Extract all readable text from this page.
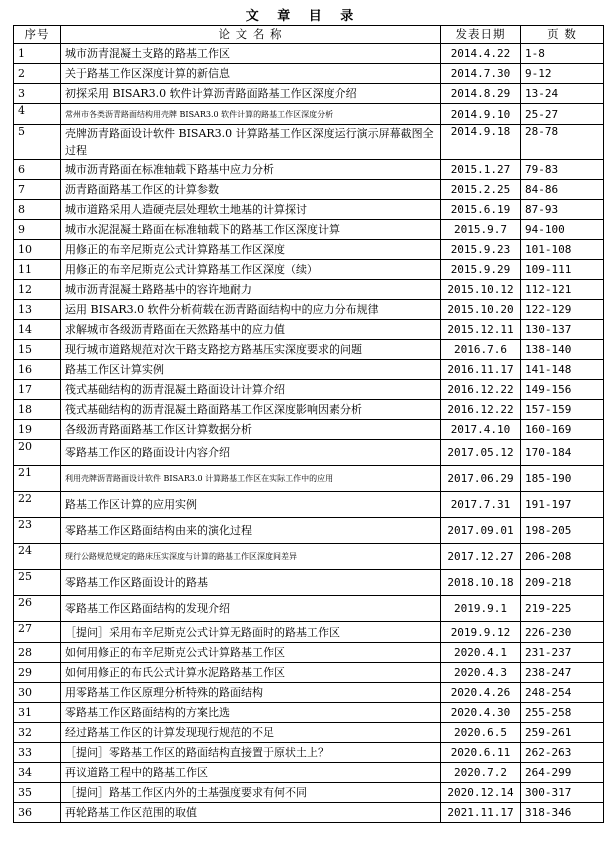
文 章 目 录
序号	论 文 名 称	发表日期	页 数
1	城市沥青混凝土支路的路基工作区	2014.4.22	1-8
2	关于路基工作区深度计算的新信息	2014.7.30	9-12
3	初探采用 BISAR3.0 软件计算沥青路面路基工作区深度介绍	2014.8.29	13-24
4	常州市各类沥青路面结构用壳牌 BISAR3.0 软件计算的路基工作区深度分析	2014.9.10	25-27
5	壳牌沥青路面设计软件 BISAR3.0 计算路基工作区深度运行演示屏幕截图全过程	2014.9.18	28-78
6	城市沥青路面在标准轴载下路基中应力分析	2015.1.27	79-83
7	沥青路面路基工作区的计算参数	2015.2.25	84-86
8	城市道路采用人造硬壳层处理软土地基的计算探讨	2015.6.19	87-93
9	城市水泥混凝土路面在标准轴载下的路基工作区深度计算	2015.9.7	94-100
10	用修正的布辛尼斯克公式计算路基工作区深度	2015.9.23	101-108
11	用修正的布辛尼斯克公式计算路基工作区深度（续）	2015.9.29	109-111
12	城市沥青混凝土路路基中的容许地耐力	2015.10.12	112-121
13	运用 BISAR3.0 软件分析荷载在沥青路面结构中的应力分布规律	2015.10.20	122-129
14	求解城市各级沥青路面在天然路基中的应力值	2015.12.11	130-137
15	现行城市道路规范对次干路支路挖方路基压实深度要求的问题	2016.7.6	138-140
16	路基工作区计算实例	2016.11.17	141-148
17	筏式基础结构的沥青混凝土路面设计计算介绍	2016.12.22	149-156
18	筏式基础结构的沥青混凝土路面路基工作区深度影响因素分析	2016.12.22	157-159
19	各级沥青路面路基工作区计算数据分析	2017.4.10	160-169
20	零路基工作区的路面设计内容介绍	2017.05.12	170-184
21	利用壳牌沥青路面设计软件 BISAR3.0 计算路基工作区在实际工作中的应用	2017.06.29	185-190
22	路基工作区计算的应用实例	2017.7.31	191-197
23	零路基工作区路面结构由来的演化过程	2017.09.01	198-205
24	现行公路规范规定的路床压实深度与计算的路基工作区深度间差异	2017.12.27	206-208
25	零路基工作区路面设计的路基	2018.10.18	209-218
26	零路基工作区路面结构的发现介绍	2019.9.1	219-225
27	［提问］采用布辛尼斯克公式计算无路面时的路基工作区	2019.9.12	226-230
28	如何用修正的布辛尼斯克公式计算路基工作区	2020.4.1	231-237
29	如何用修正的布氏公式计算水泥路路基工作区	2020.4.3	238-247
30	用零路基工作区原理分析特殊的路面结构	2020.4.26	248-254
31	零路基工作区路面结构的方案比选	2020.4.30	255-258
32	经过路基工作区的计算发现现行规范的不足	2020.6.5	259-261
33	［提问］零路基工作区的路面结构直接置于原状土上？	2020.6.11	262-263
34	再议道路工程中的路基工作区	2020.7.2	264-299
35	［提问］路基工作区内外的土基强度要求有何不同	2020.12.14	300-317
36	再轮路基工作区范围的取值	2021.11.17	318-346
